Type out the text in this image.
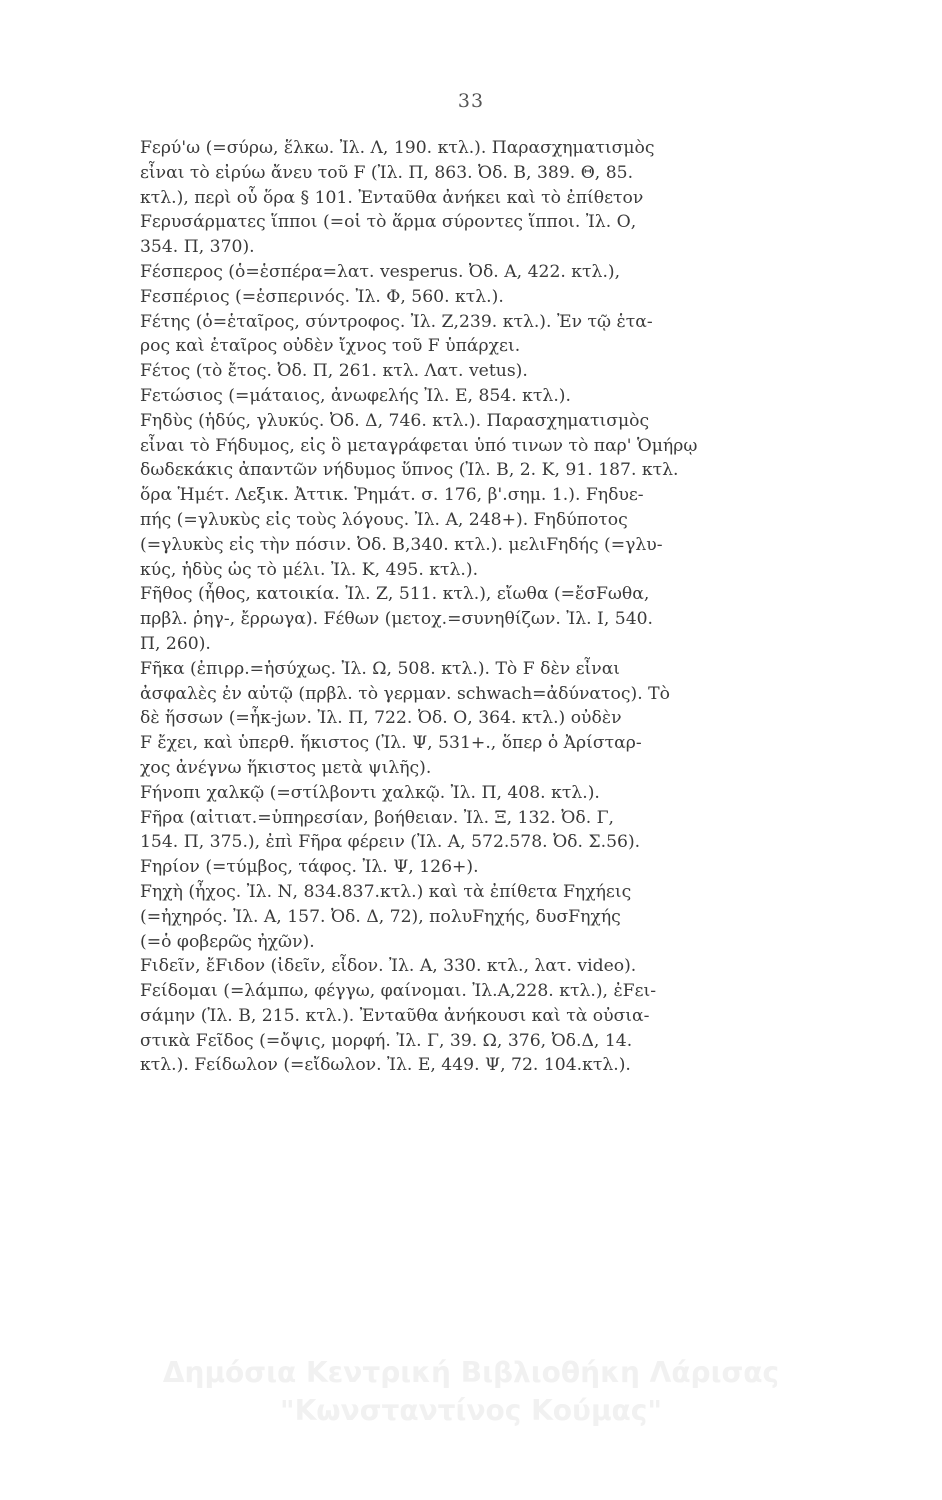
33
Fερύ'ω (=σύρω, ἕλκω. Ἰλ. Λ, 190. κτλ.). Παρασχηματισμὸς
εἶναι τὸ εἰρύω ἄνευ τοῦ F (Ἰλ. Π, 863. Ὀδ. Β, 389. Θ, 85.
κτλ.), περὶ οὗ ὅρα § 101. Ἐνταῦθα ἀνήκει καὶ τὸ ἐπίθετον
Fερυσάρματες ἵπποι (=οἱ τὸ ἅρμα σύροντες ἵπποι. Ἰλ. Ο,
354. Π, 370).
Fέσπερος (ὁ=ἑσπέρα=λατ. vesperus. Ὀδ. Α, 422. κτλ.),
Fεσπέριος (=ἑσπερινός. Ἰλ. Φ, 560. κτλ.).
Fέτης (ὁ=ἑταῖρος, σύντροφος. Ἰλ. Ζ,239. κτλ.). Ἐν τῷ ἑτα-
ρος καὶ ἑταῖρος οὐδὲν ἴχνος τοῦ F ὑπάρχει.
Fέτος (τὸ ἔτος. Ὀδ. Π, 261. κτλ. Λατ. vetus).
Fετώσιος (=μάταιος, ἀνωφελής Ἰλ. Ε, 854. κτλ.).
Fηδὺς (ἡδύς, γλυκύς. Ὀδ. Δ, 746. κτλ.). Παρασχηματισμὸς
εἶναι τὸ Fήδυμος, εἰς ὃ μεταγράφεται ὑπό τινων τὸ παρ' Ὁμήρῳ
δωδεκάκις ἀπαντῶν νήδυμος ὕπνος (Ἰλ. Β, 2. Κ, 91. 187. κτλ.
ὅρα Ἡμέτ. Λεξικ. Ἀττικ. Ῥημάτ. σ. 176, β'.σημ. 1.). Fηδυε-
πής (=γλυκὺς εἰς τοὺς λόγους. Ἰλ. Α, 248+). Fηδύποτος
(=γλυκὺς εἰς τὴν πόσιν. Ὀδ. Β,340. κτλ.). μελιFηδής (=γλυ-
κύς, ἡδὺς ὡς τὸ μέλι. Ἰλ. Κ, 495. κτλ.).
Fῆθος (ἦθος, κατοικία. Ἰλ. Ζ, 511. κτλ.), εἴωθα (=ἔσFωθα,
πρβλ. ῥηγ-, ἔρρωγα). Fέθων (μετοχ.=συνηθίζων. Ἰλ. Ι, 540.
Π, 260).
Fῆκα (ἐπιρρ.=ἡσύχως. Ἰλ. Ω, 508. κτλ.). Τὸ F δὲν εἶναι
ἀσφαλὲς ἐν αὐτῷ (πρβλ. τὸ γερμαν. schwach=ἀδύνατος). Τὸ
δὲ ἥσσων (=ἧκ-jων. Ἰλ. Π, 722. Ὀδ. Ο, 364. κτλ.) οὐδὲν
F ἔχει, καὶ ὑπερθ. ἥκιστος (Ἰλ. Ψ, 531+., ὅπερ ὁ Ἀρίσταρ-
χος ἀνέγνω ἥκιστος μετὰ ψιλῆς).
Fήνοπι χαλκῷ (=στίλβοντι χαλκῷ. Ἰλ. Π, 408. κτλ.).
Fῆρα (αἰτιατ.=ὑπηρεσίαν, βοήθειαν. Ἰλ. Ξ, 132. Ὀδ. Γ,
154. Π, 375.), ἐπὶ Fῆρα φέρειν (Ἰλ. Α, 572.578. Ὀδ. Σ.56).
Fηρίον (=τύμβος, τάφος. Ἰλ. Ψ, 126+).
Fηχὴ (ἦχος. Ἰλ. Ν, 834.837.κτλ.) καὶ τὰ ἐπίθετα Fηχήεις
(=ἠχηρός. Ἰλ. Α, 157. Ὀδ. Δ, 72), πολυFηχής, δυσFηχής
(=ὁ φοβερῶς ἠχῶν).
Fιδεῖν, ἔFιδον (ἰδεῖν, εἶδον. Ἰλ. Α, 330. κτλ., λατ. video).
Fείδομαι (=λάμπω, φέγγω, φαίνομαι. Ἰλ.Α,228. κτλ.), ἐFει-
σάμην (Ἰλ. Β, 215. κτλ.). Ἐνταῦθα ἀνήκουσι καὶ τὰ οὐσια-
στικὰ Fεῖδος (=ὄψις, μορφή. Ἰλ. Γ, 39. Ω, 376, Ὀδ.Δ, 14.
κτλ.). Fείδωλον (=εἴδωλον. Ἰλ. Ε, 449. Ψ, 72. 104.κτλ.).
Δημόσια Κεντρική Βιβλιοθήκη Λάρισας
"Κωνσταντίνος Κούμας"
